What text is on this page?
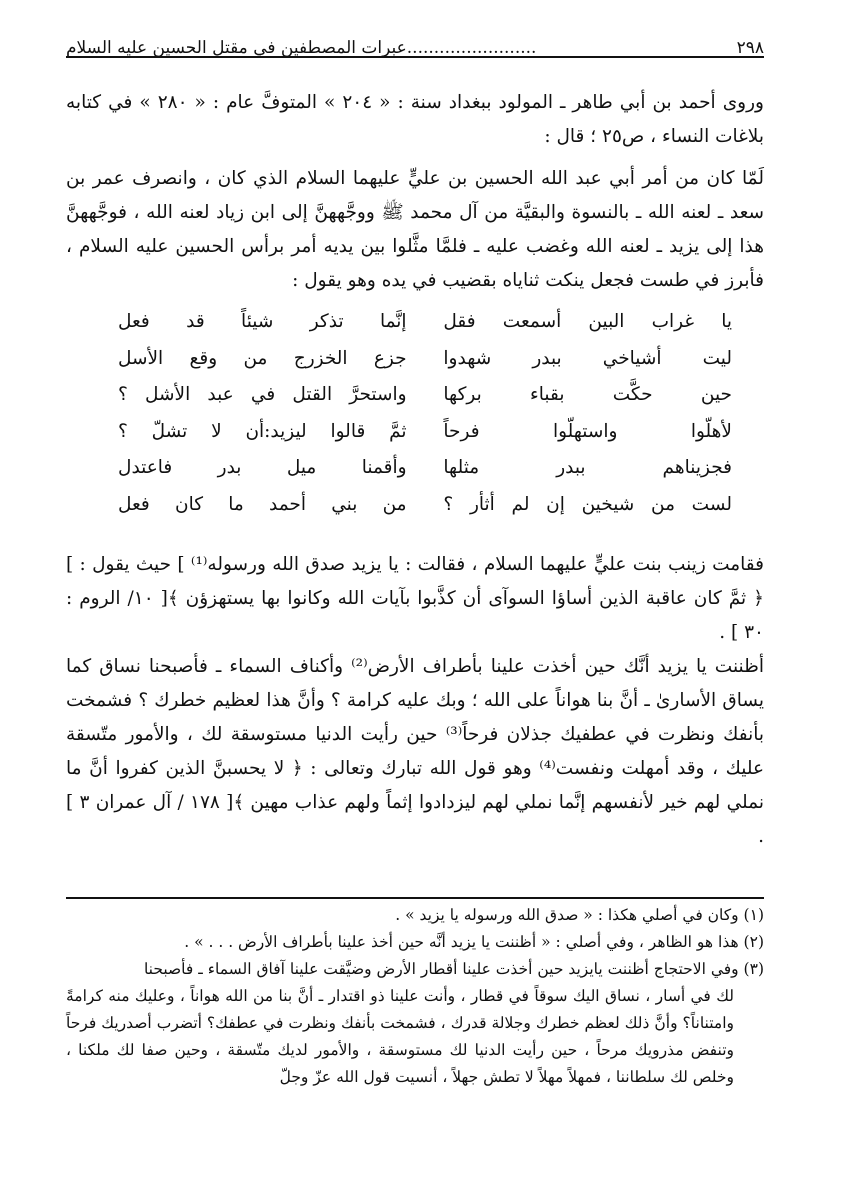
٢٩٨
........................عبرات المصطفين في مقتل الحسين عليه السلام
وروى أحمد بن أبي طاهر ـ المولود ببغداد سنة : « ٢٠٤ » المتوفَّ عام : « ٢٨٠ » في كتابه بلاغات النساء ، ص٢٥ ؛ قال :
لَمّا كان من أمر أبي عبد الله الحسين بن عليٍّ عليهما السلام الذي كان ، وانصرف عمر بن سعد ـ لعنه الله ـ بالنسوة والبقيَّة من آل محمد ﷺ ووجَّههنَّ إلى ابن زياد لعنه الله ، فوجَّههنَّ هذا إلى يزيد ـ لعنه الله وغضب عليه ـ فلمَّا مثَّلوا بين يديه أمر برأس الحسين عليه السلام ، فأبرز في طست فجعل ينكت ثناياه بقضيب في يده وهو يقول :
يا غراب البين أسمعت فقل
إنَّما تذكر شيئاً قد فعل
ليت أشياخي ببدر شهدوا
جزع الخزرج من وقع الأسل
حين حكَّت بقباء بركها
واستحرَّ القتل في عبد الأشل ؟
لأهلّوا واستهلّوا فرحاً
ثمَّ قالوا ليزيد:أن لا تشلّ ؟
فجزيناهم ببدر مثلها
وأقمنا ميل بدر فاعتدل
لست من شيخين إن لم أثأر ؟
من بني أحمد ما كان فعل
فقامت زينب بنت عليٍّ عليهما السلام ، فقالت : يا يزيد صدق الله ورسوله⁽¹⁾ ] حيث يقول : ] ﴿ ثمَّ كان عاقبة الذين أساؤا السوآى أن كذَّبوا بآيات الله وكانوا بها يستهزؤن ﴾[ ١٠/ الروم : ٣٠ ] .
أظننت يا يزيد أنَّك حين أخذت علينا بأطراف الأرض⁽²⁾ وأكناف السماء ـ فأصبحنا نساق كما يساق الأسارىٰ ـ أنَّ بنا هواناً على الله ؛ وبك عليه كرامة ؟ وأنَّ هذا لعظيم خطرك ؟ فشمخت بأنفك ونظرت في عطفيك جذلان فرحاً⁽³⁾ حين رأيت الدنيا مستوسقة لك ، والأمور متّسقة عليك ، وقد أمهلت ونفست⁽⁴⁾ وهو قول الله تبارك وتعالى : ﴿ لا يحسبنَّ الذين كفروا أنَّ ما نملي لهم خير لأنفسهم إنَّما نملي لهم ليزدادوا إثماً ولهم عذاب مهين ﴾[ ١٧٨ / آل عمران ٣ ] .
(١) وكان في أصلي هكذا : « صدق الله ورسوله يا يزيد » .
(٢) هذا هو الظاهر ، وفي أصلي : « أظننت يا يزيد أنَّه حين أخذ علينا بأطراف الأرض . . . » .
(٣) وفي الاحتجاج أظننت يايزيد حين أخذت علينا أقطار الأرض وضيَّقت علينا آفاق السماء ـ فأصبحنا
لك في أسار ، نساق اليك سوقاً في قطار ، وأنت علينا ذو اقتدار ـ أنَّ بنا من الله هواناً ، وعليك منه كرامةً وامتناناً؟ وأنَّ ذلك لعظم خطرك وجلالة قدرك ، فشمخت بأنفك ونظرت في عطفك؟ أتضرب أصدريك فرحاً وتنفض مذرويك مرحاً ، حين رأيت الدنيا لك مستوسقة ، والأمور لديك متّسقة ، وحين صفا لك ملكنا ، وخلص لك سلطاننا ، فمهلاً مهلاً لا تطش جهلاً ، أنسيت قول الله عزّ وجلّ
